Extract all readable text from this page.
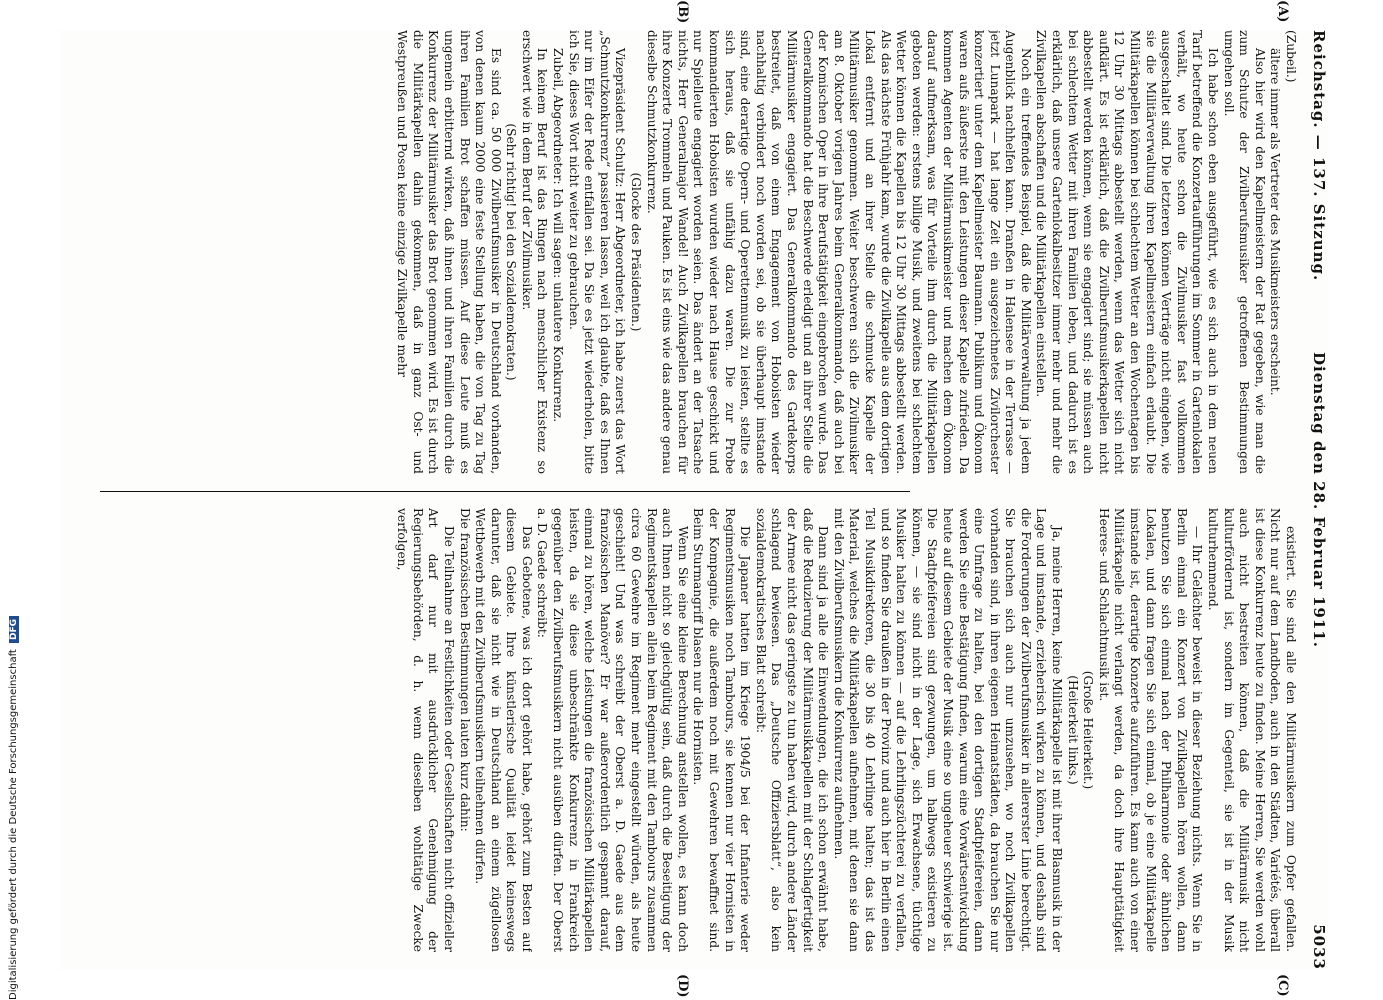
Reichstag. — 137. Sitzung.
Dienstag den 28. Februar 1911.
5033
(A)
(B)
(C)
(D)

(Zubeil.)

ältere immer als Vertreter des Musikmeisters erscheint.

Also hier wird den Kapellmeistern der Rat gegeben, wie man die zum Schutze der Zivilberufsmusiker getroffenen Bestimmungen umgehen soll.

Ich habe schon eben ausgeführt, wie es sich auch in dem neuen Tarif betreffend die Konzertaufführungen im Sommer in Gartenlokalen verhält, wo heute schon die Zivilmusiker fast vollkommen ausgeschaltet sind. Die letzteren können Verträge nicht eingehen, wie sie die Militärverwaltung ihren Kapellmeistern einfach erlaubt. Die Militärkapellen können bei schlechtem Wetter an den Wochentagen bis 12 Uhr 30 Mittags abbestellt werden, wenn das Wetter sich nicht aufklärt. Es ist erklärlich, daß die Zivilberufsmusikerkapellen nicht abbestellt werden können, wenn sie engagiert sind; sie müssen auch bei schlechtem Wetter mit ihren Familien leben, und dadurch ist es erklärlich, daß unsere Gartenlokalbesitzer immer mehr und mehr die Zivilkapellen abschaffen und die Militärkapellen einstellen.

Noch ein treffendes Beispiel, daß die Militärverwaltung ja jedem Augenblick nachhelfen kann. Dranßen in Halensee in der Terrasse — jetzt Lunapark — hat lange Zeit ein ausgezeichnetes Zivilorchester konzertiert unter dem Kapellmeister Baumann. Publikum und Ökonom waren aufs äußerste mit den Leistungen dieser Kapelle zufrieden. Da kommen Agenten der Militärmusikmeister und machen dem Ökonom darauf aufmerksam, was für Vorteile ihm durch die Militärkapellen geboten werden: erstens billige Musik, und zweitens bei schlechtem Wetter können die Kapellen bis 12 Uhr 30 Mittags abbestellt werden. Als das nächste Frühjahr kam, wurde die Zivilkapelle aus dem dortigen Lokal entfernt und an ihrer Stelle die schmucke Kapelle der Militärmusiker genommen. Weiter beschweren sich die Zivilmusiker am 8. Oktober vorigen Jahres beim Generalkommando, daß auch bei der Komischen Oper in ihre Berufstätigkeit eingebrochen wurde. Das Generalkommando hat die Beschwerde erledigt und an ihrer Stelle die Militärmusiker engagiert. Das Generalkommando des Gardekorps bestreitet, daß von einem Engagement von Hoboisten wieder nachhaltig verbindert noch worden sei, ob sie überhaupt imstande sind, eine derartige Opern- und Operettenmusik zu leisten, stellte es sich heraus, daß sie unfähig dazu waren. Die zur Probe kommandierten Hoboisten wurden wieder nach Hause geschickt und nur Spielleute engagiert worden seien. Das ändert an der Tatsache nichts, Herr Generalmajor Wandel! Auch Zivilkapellen brauchen für ihre Konzerte Trommeln und Pauken. Es ist eins wie das andere genau dieselbe Schmutzkonkurrenz.

(Glocke des Präsidenten.)

Vizepräsident Schultz: Herr Abgeordneter, ich habe zuerst das Wort „Schmutzkonkurrenz“ passieren lassen, weil ich glaubte, daß es Ihnen nur im Eifer der Rede entfallen sei. Da Sie es jetzt wiederholen, bitte ich Sie, dieses Wort nicht weiter zu gebrauchen.

Zubeil, Abgeordneter: Ich will sagen: unlautere Konkurrenz.

In keinem Beruf ist das Ringen nach menschlicher Existenz so erschwert wie in dem Beruf der Zivilmusiker.

(Sehr richtig! bei den Sozialdemokraten.)

Es sind ca. 50 000 Zivilberufsmusiker in Deutschland vorhanden, von denen kaum 2000 eine feste Stellung haben, die von Tag zu Tag ihren Familien Brot schaffen müssen. Auf diese Leute muß es ungemein erbitternd wirken, daß ihnen und ihren Familien durch die Konkurrenz der Militärmusiker das Brot genommen wird. Es ist durch die Militärkapellen dahin gekommen, daß in ganz Ost- und Westpreußen und Posen keine einzige Zivilkapelle mehr

existiert. Sie sind alle den Militärmusikern zum Opfer gefallen. Nicht nur auf dem Landboden, auch in den Städten, Variétés, überall ist diese Konkurrenz heute zu finden. Meine Herren, Sie werden wohl auch nicht bestreiten können, daß die Militärmusik nicht kulturfördernd ist, sondern im Gegenteil, sie ist in der Musik kulturhemmend.

— Ihr Gelächter beweist in dieser Beziehung nichts. Wenn Sie in Berlin einmal ein Konzert von Zivilkapellen hören wollen, dann benutzen Sie sich einmal nach der Philharmonie oder ähnlichen Lokalen, und dann fragen Sie sich einmal, ob je eine Militärkapelle imstande ist, derartige Konzerte aufzuführen. Es kann auch von einer Militärkapelle nicht verlangt werden, da doch ihre Haupttätigkeit Heeres- und Schlachtmusik ist.

(Große Heiterkeit.)

(Heiterkeit links.)

Ja, meine Herren, keine Militärkapelle ist mit ihrer Blasmusik in der Lage und imstande, erzieherisch wirken zu können, und deshalb sind die Forderungen der Zivilberufsmusiker in allererster Linie berechtigt. Sie brauchen sich auch nur umzusehen, wo noch Zivilkapellen vorhanden sind, in ihren eigenen Heimatstädten, da brauchen Sie nur eine Umfrage zu halten, bei den dortigen Stadtpfeifereien, dann werden Sie eine Bestätigung finden, warum eine Vorwärtsentwicklung heute auf diesem Gebiete der Musik eine so ungeheuer schwierige ist. Die Stadtpfeifereien sind gezwungen, um halbwegs existieren zu können, — sie sind nicht in der Lage, sich Erwachsene, tüchtige Musiker halten zu können — auf die Lehrlingszüchterei zu verfallen, und so finden Sie draußen in der Provinz und auch hier in Berlin einen Teil Musikdirektoren, die 30 bis 40 Lehrlinge halten; das ist das Material, welches die Militärkapellen aufnehmen, mit denen sie dann mit den Zivilberufsmusikern die Konkurrenz aufnehmen.

Dann sind ja alle die Einwendungen, die ich schon erwähnt habe, daß die Reduzierung der Militärmusikkapellen mit der Schlagfertigkeit der Armee nicht das geringste zu tun haben wird, durch andere Länder schlagend bewiesen. Das „Deutsche Offiziersblatt“, also kein sozialdemokratisches Blatt schreibt:

Die Japaner hatten im Kriege 1904/5 bei der Infanterie weder Regimentsmusiken noch Tambours, sie kennen nur vier Hornisten in der Kompagnie, die außerdem noch mit Gewehren bewaffnet sind. Beim Sturmangriff blasen nur die Hornisten.

Wenn Sie eine kleine Berechnung anstellen wollen, es kann doch auch Ihnen nicht so gleichgültig sein, daß durch die Beseitigung der Regimentskapellen allein beim Regiment mit den Tambours zusammen circa 60 Gewehre im Regiment mehr eingestellt würden, als heute geschieht! Und was schreibt der Oberst a. D. Gaede aus dem französischen Manöver? Er war außerordentlich gespannt darauf, einmal zu hören, welche Leistungen die französischen Militärkapellen leisten, da sie diese unbeschränkte Konkurrenz in Frankreich gegenüber den Zivilberufsmusikern nicht ausüben dürfen. Der Oberst a. D. Gaede schreibt:

Das Gebotene, was ich dort gehört habe, gehört zum Besten auf diesem Gebiete. Ihre künstlerische Qualität leidet keineswegs darunter, daß sie nicht wie in Deutschland an einem zügellosen Wettbewerb mit den Zivilberufsmusikern teilnehmen dürfen.

Die französischen Bestimmungen lauten kurz dahin:

Die Teilnahme an Festlichkeiten oder Gesellschaften nicht offizieller Art darf nur mit ausdrücklicher Genehmigung der Regierungsbehörden, d. h. wenn dieselben wohltätige Zwecke verfolgen,

Digitalisierung gefördert durch die Deutsche Forschungsgemeinschaft DFG
